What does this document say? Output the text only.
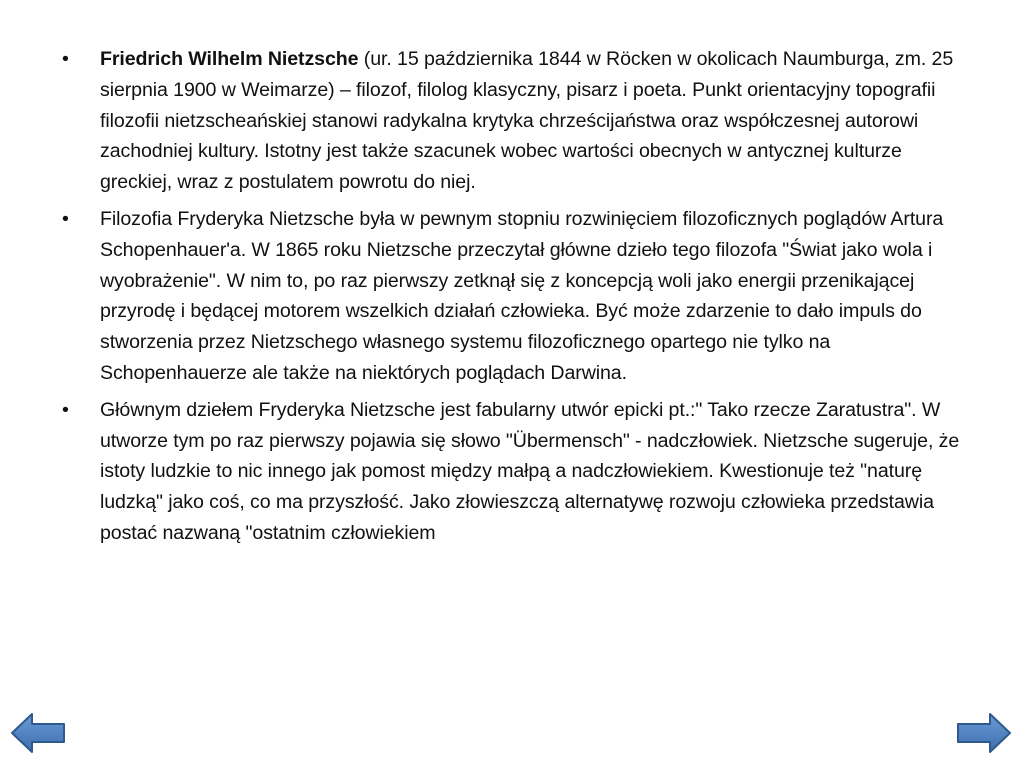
• Friedrich Wilhelm Nietzsche (ur. 15 października 1844 w Röcken w okolicach Naumburga, zm. 25 sierpnia 1900 w Weimarze) – filozof, filolog klasyczny, pisarz i poeta. Punkt orientacyjny topografii filozofii nietzscheańskiej stanowi radykalna krytyka chrześcijaństwa oraz współczesnej autorowi zachodniej kultury. Istotny jest także szacunek wobec wartości obecnych w antycznej kulturze greckiej, wraz z postulatem powrotu do niej.
• Filozofia Fryderyka Nietzsche była w pewnym stopniu rozwinięciem filozoficznych poglądów Artura Schopenhauer'a. W 1865 roku Nietzsche przeczytał główne dzieło tego filozofa "Świat jako wola i wyobrażenie". W nim to, po raz pierwszy zetknął się z koncepcją woli jako energii przenikającej przyrodę i będącej motorem wszelkich działań człowieka. Być może zdarzenie to dało impuls do stworzenia przez Nietzschego własnego systemu filozoficznego opartego nie tylko na Schopenhauerze ale także na niektórych poglądach Darwina.
• Głównym dziełem Fryderyka Nietzsche jest fabularny utwór epicki pt.:" Tako rzecze Zaratustra". W utworze tym po raz pierwszy pojawia się słowo "Übermensch" - nadczłowiek. Nietzsche sugeruje, że istoty ludzkie to nic innego jak pomost między małpą a nadczłowiekiem. Kwestionuje też "naturę ludzką" jako coś, co ma przyszłość. Jako złowieszczą alternatywę rozwoju człowieka przedstawia postać nazwaną "ostatnim człowiekiem
